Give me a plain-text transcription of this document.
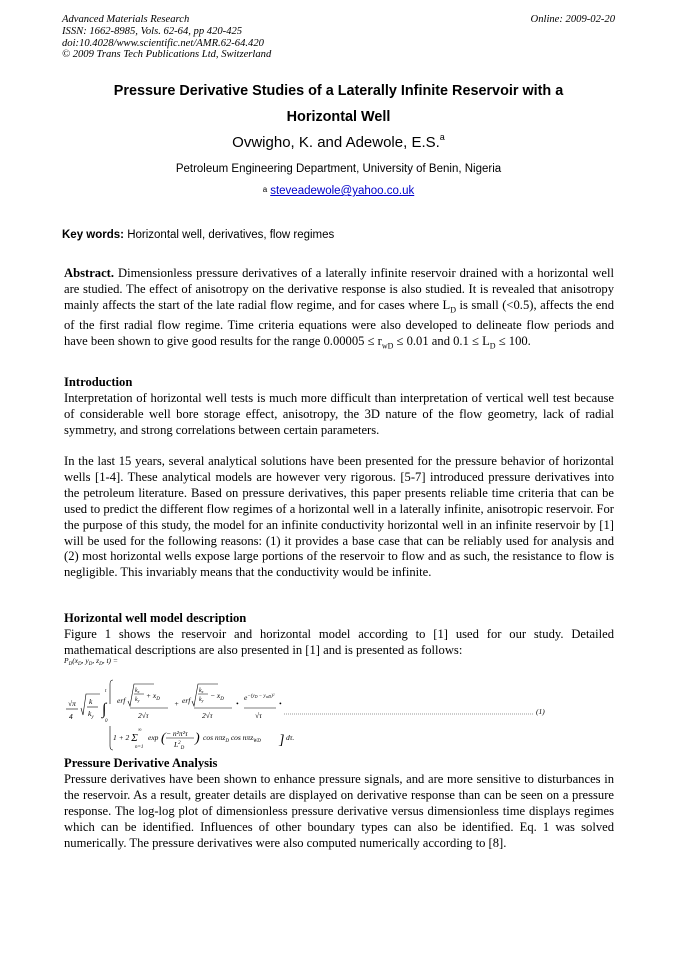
Advanced Materials Research
ISSN: 1662-8985, Vols. 62-64, pp 420-425
doi:10.4028/www.scientific.net/AMR.62-64.420
© 2009 Trans Tech Publications Ltd, Switzerland
Online: 2009-02-20
Pressure Derivative Studies of a Laterally Infinite Reservoir with a
Horizontal Well
Ovwigho, K. and Adewole, E.S.$^a$
Petroleum Engineering Department, University of Benin, Nigeria
$^a$ steveadewole@yahoo.co.uk
Key words: Horizontal well, derivatives, flow regimes

Abstract. Dimensionless pressure derivatives of a laterally infinite reservoir drained with a horizontal well are studied. The effect of anisotropy on the derivative response is also studied. It is revealed that anisotropy mainly affects the start of the late radial flow regime, and for cases where $L_D$ is small (<0.5), affects the end of the first radial flow regime. Time criteria equations were also developed to delineate flow periods and have been shown to give good results for the range $0.00005 \le r_{wD} \le 0.01$ and $0.1 \le L_D \le 100$.

Introduction

Interpretation of horizontal well tests is much more difficult than interpretation of vertical well test because of considerable well bore storage effect, anisotropy, the 3D nature of the flow geometry, lack of radial symmetry, and strong correlations between certain parameters.

In the last 15 years, several analytical solutions have been presented for the pressure behavior of horizontal wells [1-4]. These analytical models are however very rigorous. [5-7] introduced pressure derivatives into the petroleum literature. Based on pressure derivatives, this paper presents reliable time criteria that can be used to predict the different flow regimes of a horizontal well in a laterally infinite, anisotropic reservoir. For the purpose of this study, the model for an infinite conductivity horizontal well in an infinite reservoir by [1] will be used for the following reasons: (1) it provides a base case that can be reliably used for analysis and (2) most horizontal wells expose large portions of the reservoir to flow and as such, the resistance to flow is negligible. This invariably means that the conductivity would be infinite.

Horizontal well model description

Figure 1 shows the reservoir and horizontal model according to [1] used for our study. Detailed mathematical descriptions are also presented in [1] and is presented as follows:

$P_D(x_D$, $y_D$, $z_D$, t) =
√π
4
k
$k_y$ ∫
t
0
erf
kx
ky
+ $x_D$
2√τ
+ erf
kx
ky
− $x_D$
2√τ
•
$e^{-(y}D - ywD)^2$
√τ
•
(1)
1 + 2 Σ
∞
n=1
exp ( − n²π²τ
$L^2_D$
) cos nπz$_D$ cos nπz$_{WD}$ ] dτ.
Pressure Derivative Analysis

Pressure derivatives have been shown to enhance pressure signals, and are more sensitive to disturbances in the reservoir. As a result, greater details are displayed on derivative response than can be seen on a pressure response. The log-log plot of dimensionless pressure derivative versus dimensionless time displays regimes which can be identified. Influences of other boundary types can also be identified. Eq. 1 was solved numerically. The pressure derivatives were also computed numerically according to [8].
